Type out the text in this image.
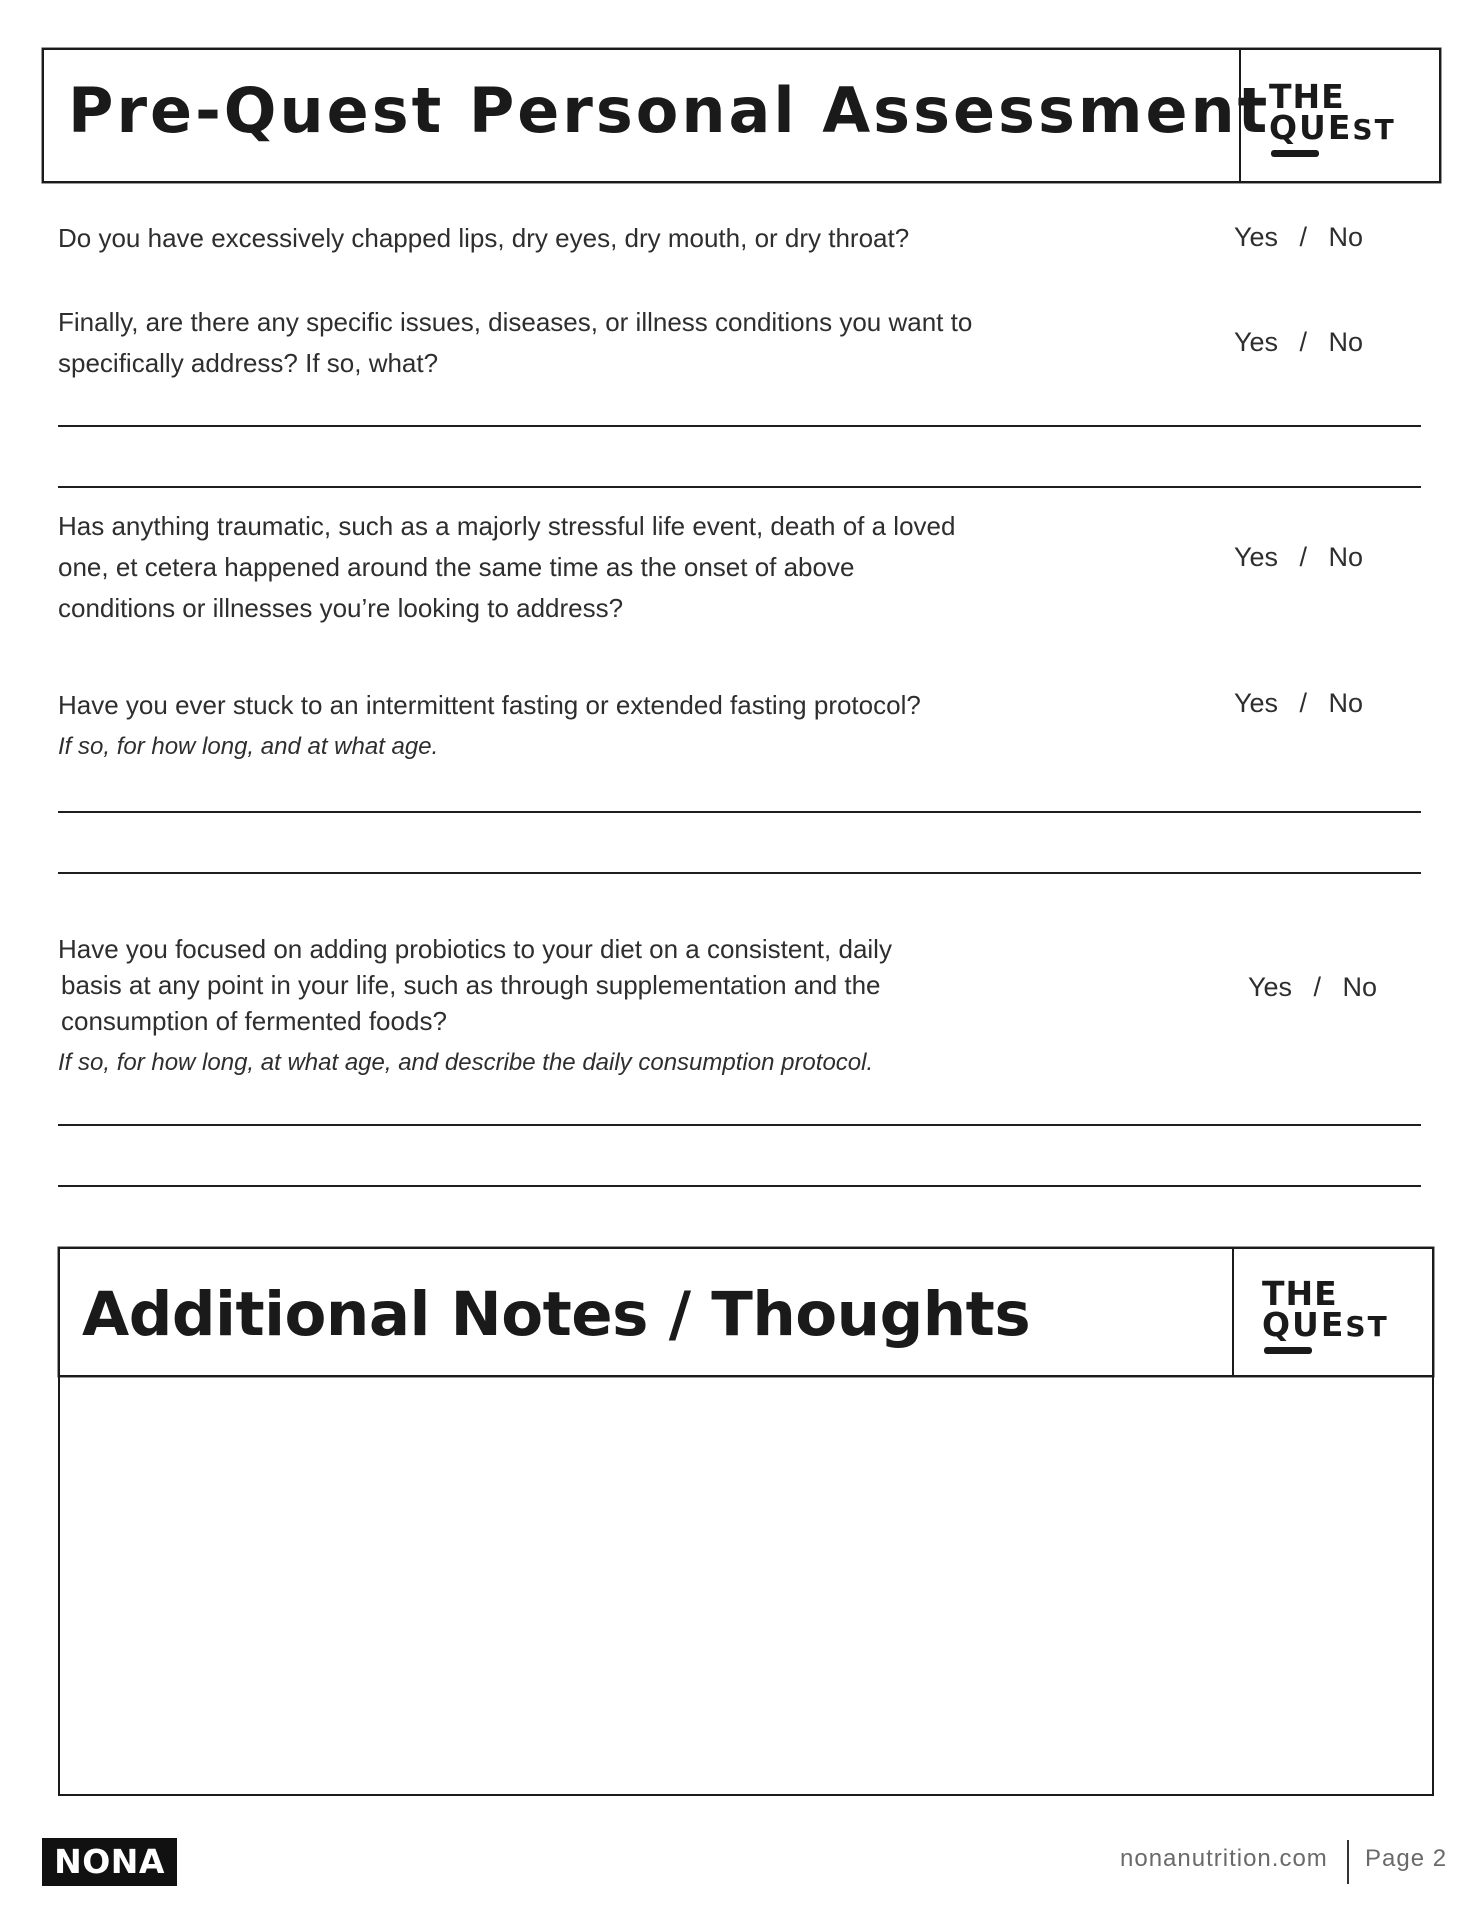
Pre-Quest Personal Assessment
THE
QUEST
Do you have excessively chapped lips, dry eyes, dry mouth, or dry throat?	Yes / No
Finally, are there any specific issues, diseases, or illness conditions you want to
specifically address? If so, what?
Yes / No
Has anything traumatic, such as a majorly stressful life event, death of a loved
one, et cetera happened around the same time as the onset of above
conditions or illnesses you’re looking to address?
Yes / No
Have you ever stuck to an intermittent fasting or extended fasting protocol?
If so, for how long, and at what age.
Yes / No
Have you focused on adding probiotics to your diet on a consistent, daily
basis at any point in your life, such as through supplementation and the
consumption of fermented foods?
If so, for how long, at what age, and describe the daily consumption protocol.
Yes / No
Additional Notes / Thoughts	THE
QUEST
NONA	nonanutrition.com Page 2
